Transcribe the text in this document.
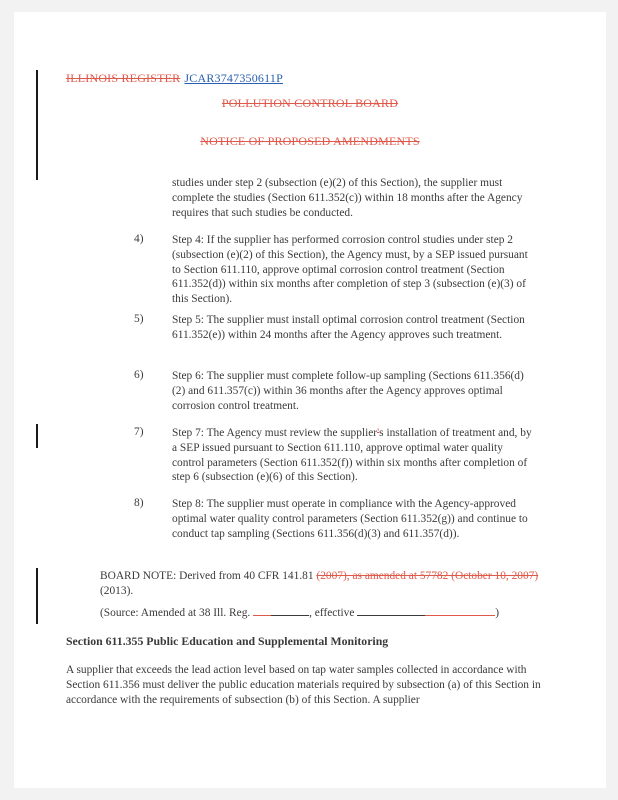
ILLINOIS REGISTER JCAR3747350611P
POLLUTION CONTROL BOARD
NOTICE OF PROPOSED AMENDMENTS
studies under step 2 (subsection (e)(2) of this Section), the supplier must complete the studies (Section 611.352(c)) within 18 months after the Agency requires that such studies be conducted.
4)	Step 4: If the supplier has performed corrosion control studies under step 2 (subsection (e)(2) of this Section), the Agency must, by a SEP issued pursuant to Section 611.110, approve optimal corrosion control treatment (Section 611.352(d)) within six months after completion of step 3 (subsection (e)(3) of this Section).
5)	Step 5: The supplier must install optimal corrosion control treatment (Section 611.352(e)) within 24 months after the Agency approves such treatment.
6)	Step 6: The supplier must complete follow-up sampling (Sections 611.356(d)(2) and 611.357(c)) within 36 months after the Agency approves optimal corrosion control treatment.
7)	Step 7: The Agency must review the supplier's installation of treatment and, by a SEP issued pursuant to Section 611.110, approve optimal water quality control parameters (Section 611.352(f)) within six months after completion of step 6 (subsection (e)(6) of this Section).
8)	Step 8: The supplier must operate in compliance with the Agency-approved optimal water quality control parameters (Section 611.352(g)) and continue to conduct tap sampling (Sections 611.356(d)(3) and 611.357(d)).
BOARD NOTE: Derived from 40 CFR 141.81 (2007), as amended at 57782 (October 10, 2007) (2013).
(Source: Amended at 38 Ill. Reg.	, effective	)
Section 611.355 Public Education and Supplemental Monitoring
A supplier that exceeds the lead action level based on tap water samples collected in accordance with Section 611.356 must deliver the public education materials required by subsection (a) of this Section in accordance with the requirements of subsection (b) of this Section. A supplier
